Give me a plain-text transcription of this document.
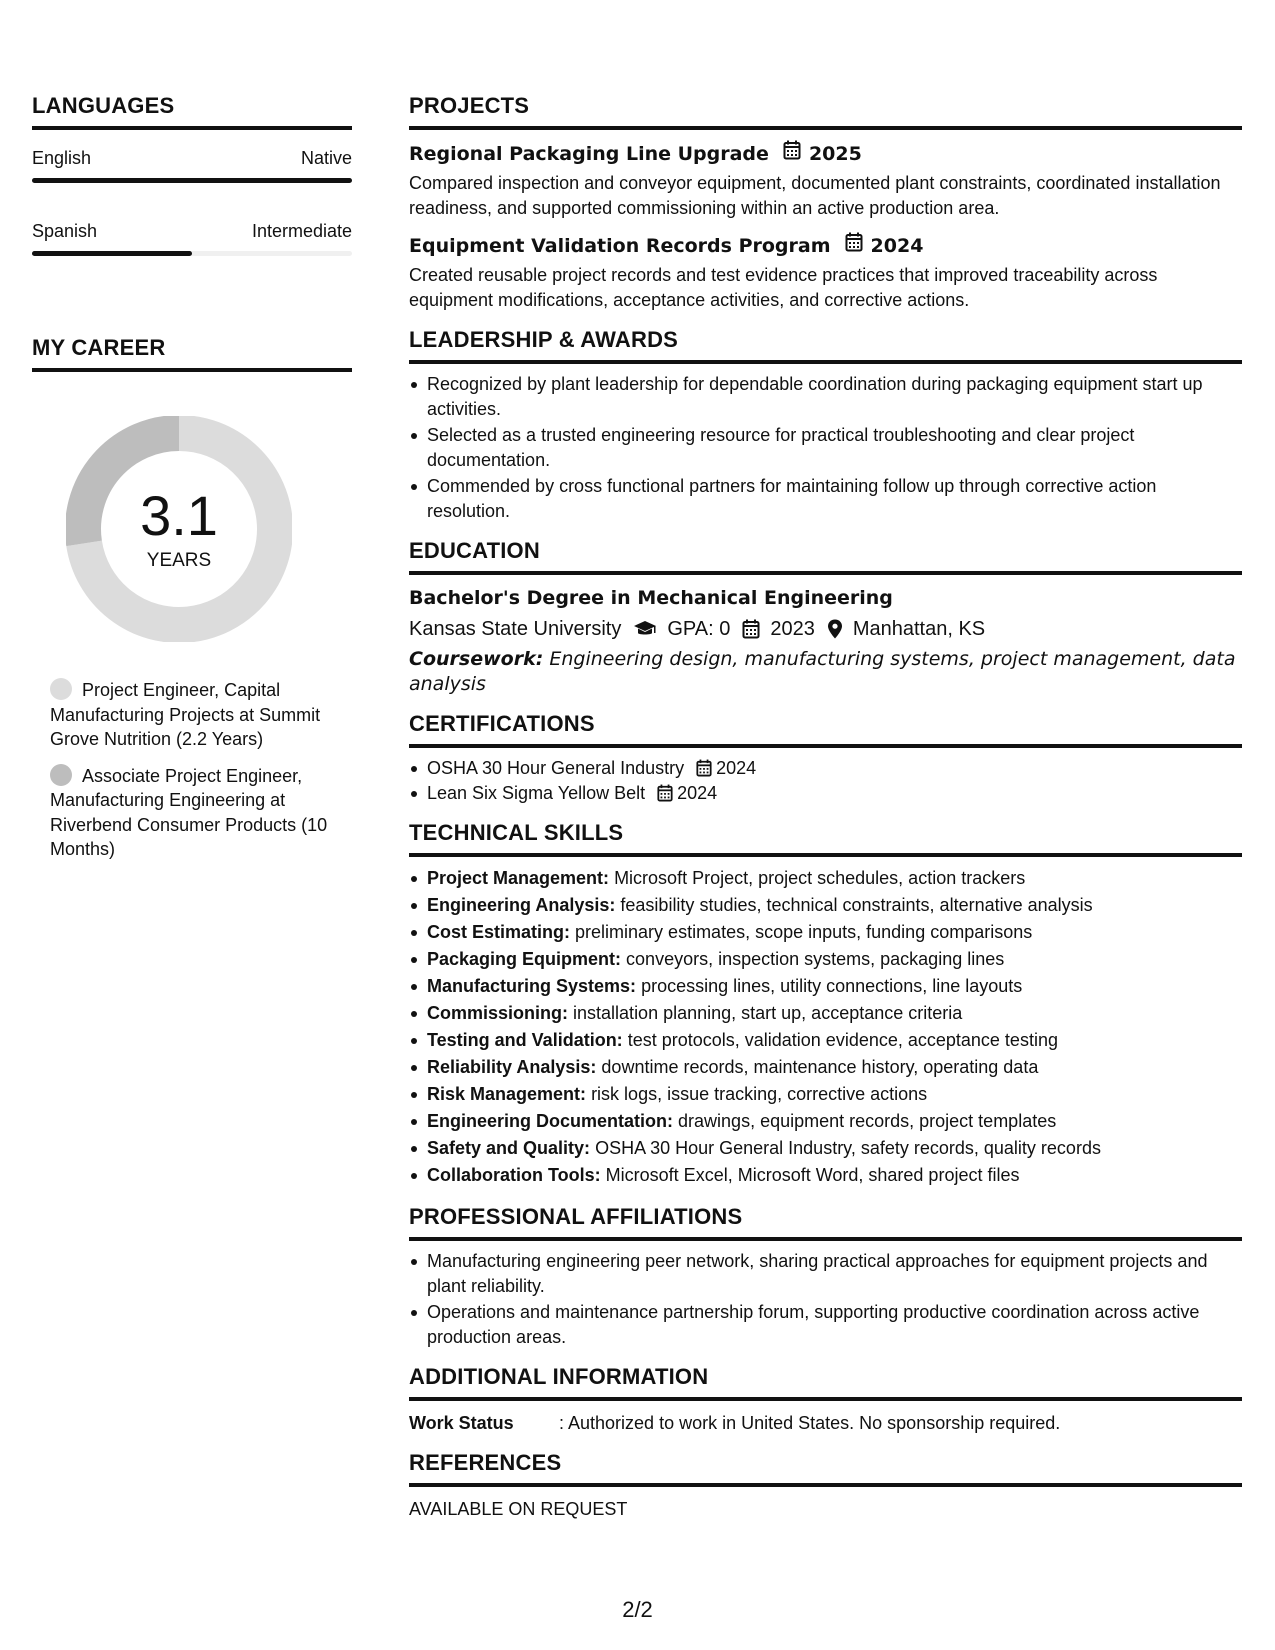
LANGUAGES
English	Native
Spanish	Intermediate
MY CAREER
3.1
YEARS
Project Engineer, Capital Manufacturing Projects at Summit Grove Nutrition (2.2 Years)
Associate Project Engineer, Manufacturing Engineering at Riverbend Consumer Products (10 Months)
PROJECTS
Regional Packaging Line Upgrade 2025
Compared inspection and conveyor equipment, documented plant constraints, coordinated installation readiness, and supported commissioning within an active production area.
Equipment Validation Records Program 2024
Created reusable project records and test evidence practices that improved traceability across equipment modifications, acceptance activities, and corrective actions.
LEADERSHIP & AWARDS
Recognized by plant leadership for dependable coordination during packaging equipment start up activities.
Selected as a trusted engineering resource for practical troubleshooting and clear project documentation.
Commended by cross functional partners for maintaining follow up through corrective action resolution.
EDUCATION
Bachelor's Degree in Mechanical Engineering
Kansas State University GPA: 0 2023 Manhattan, KS
Coursework: Engineering design, manufacturing systems, project management, data analysis
CERTIFICATIONS
OSHA 30 Hour General Industry 2024
Lean Six Sigma Yellow Belt 2024
TECHNICAL SKILLS
Project Management: Microsoft Project, project schedules, action trackers
Engineering Analysis: feasibility studies, technical constraints, alternative analysis
Cost Estimating: preliminary estimates, scope inputs, funding comparisons
Packaging Equipment: conveyors, inspection systems, packaging lines
Manufacturing Systems: processing lines, utility connections, line layouts
Commissioning: installation planning, start up, acceptance criteria
Testing and Validation: test protocols, validation evidence, acceptance testing
Reliability Analysis: downtime records, maintenance history, operating data
Risk Management: risk logs, issue tracking, corrective actions
Engineering Documentation: drawings, equipment records, project templates
Safety and Quality: OSHA 30 Hour General Industry, safety records, quality records
Collaboration Tools: Microsoft Excel, Microsoft Word, shared project files
PROFESSIONAL AFFILIATIONS
Manufacturing engineering peer network, sharing practical approaches for equipment projects and plant reliability.
Operations and maintenance partnership forum, supporting productive coordination across active production areas.
ADDITIONAL INFORMATION
Work Status	: Authorized to work in United States. No sponsorship required.
REFERENCES
AVAILABLE ON REQUEST
2/2
